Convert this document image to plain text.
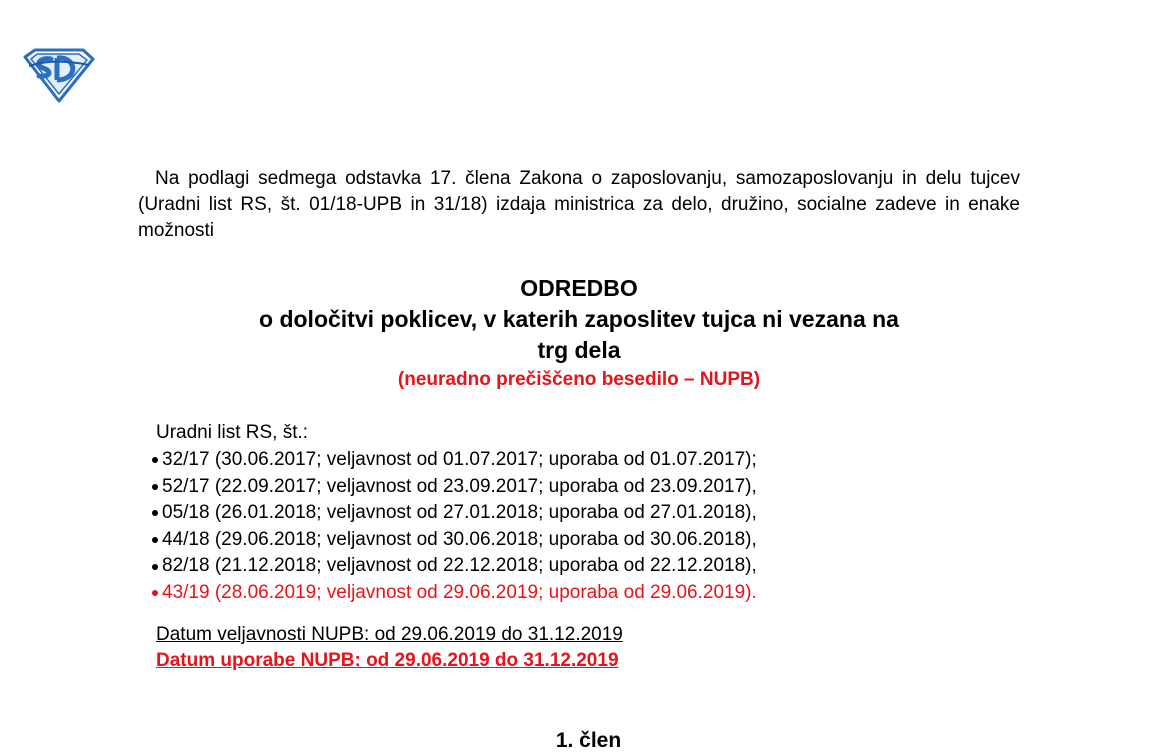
Na podlagi sedmega odstavka 17. člena Zakona o zaposlovanju, samozaposlovanju in delu tujcev (Uradni list RS, št. 01/18-UPB in 31/18) izdaja ministrica za delo, družino, socialne zadeve in enake možnosti

ODREDBO
o določitvi poklicev, v katerih zaposlitev tujca ni vezana na trg dela
(neuradno prečiščeno besedilo – NUPB)
Uradni list RS, št.:
32/17 (30.06.2017; veljavnost od 01.07.2017; uporaba od 01.07.2017);
52/17 (22.09.2017; veljavnost od 23.09.2017; uporaba od 23.09.2017),
05/18 (26.01.2018; veljavnost od 27.01.2018; uporaba od 27.01.2018),
44/18 (29.06.2018; veljavnost od 30.06.2018; uporaba od 30.06.2018),
82/18 (21.12.2018; veljavnost od 22.12.2018; uporaba od 22.12.2018),
43/19 (28.06.2019; veljavnost od 29.06.2019; uporaba od 29.06.2019).
Datum veljavnosti NUPB: od 29.06.2019 do 31.12.2019
Datum uporabe NUPB: od 29.06.2019 do 31.12.2019
1. člen
